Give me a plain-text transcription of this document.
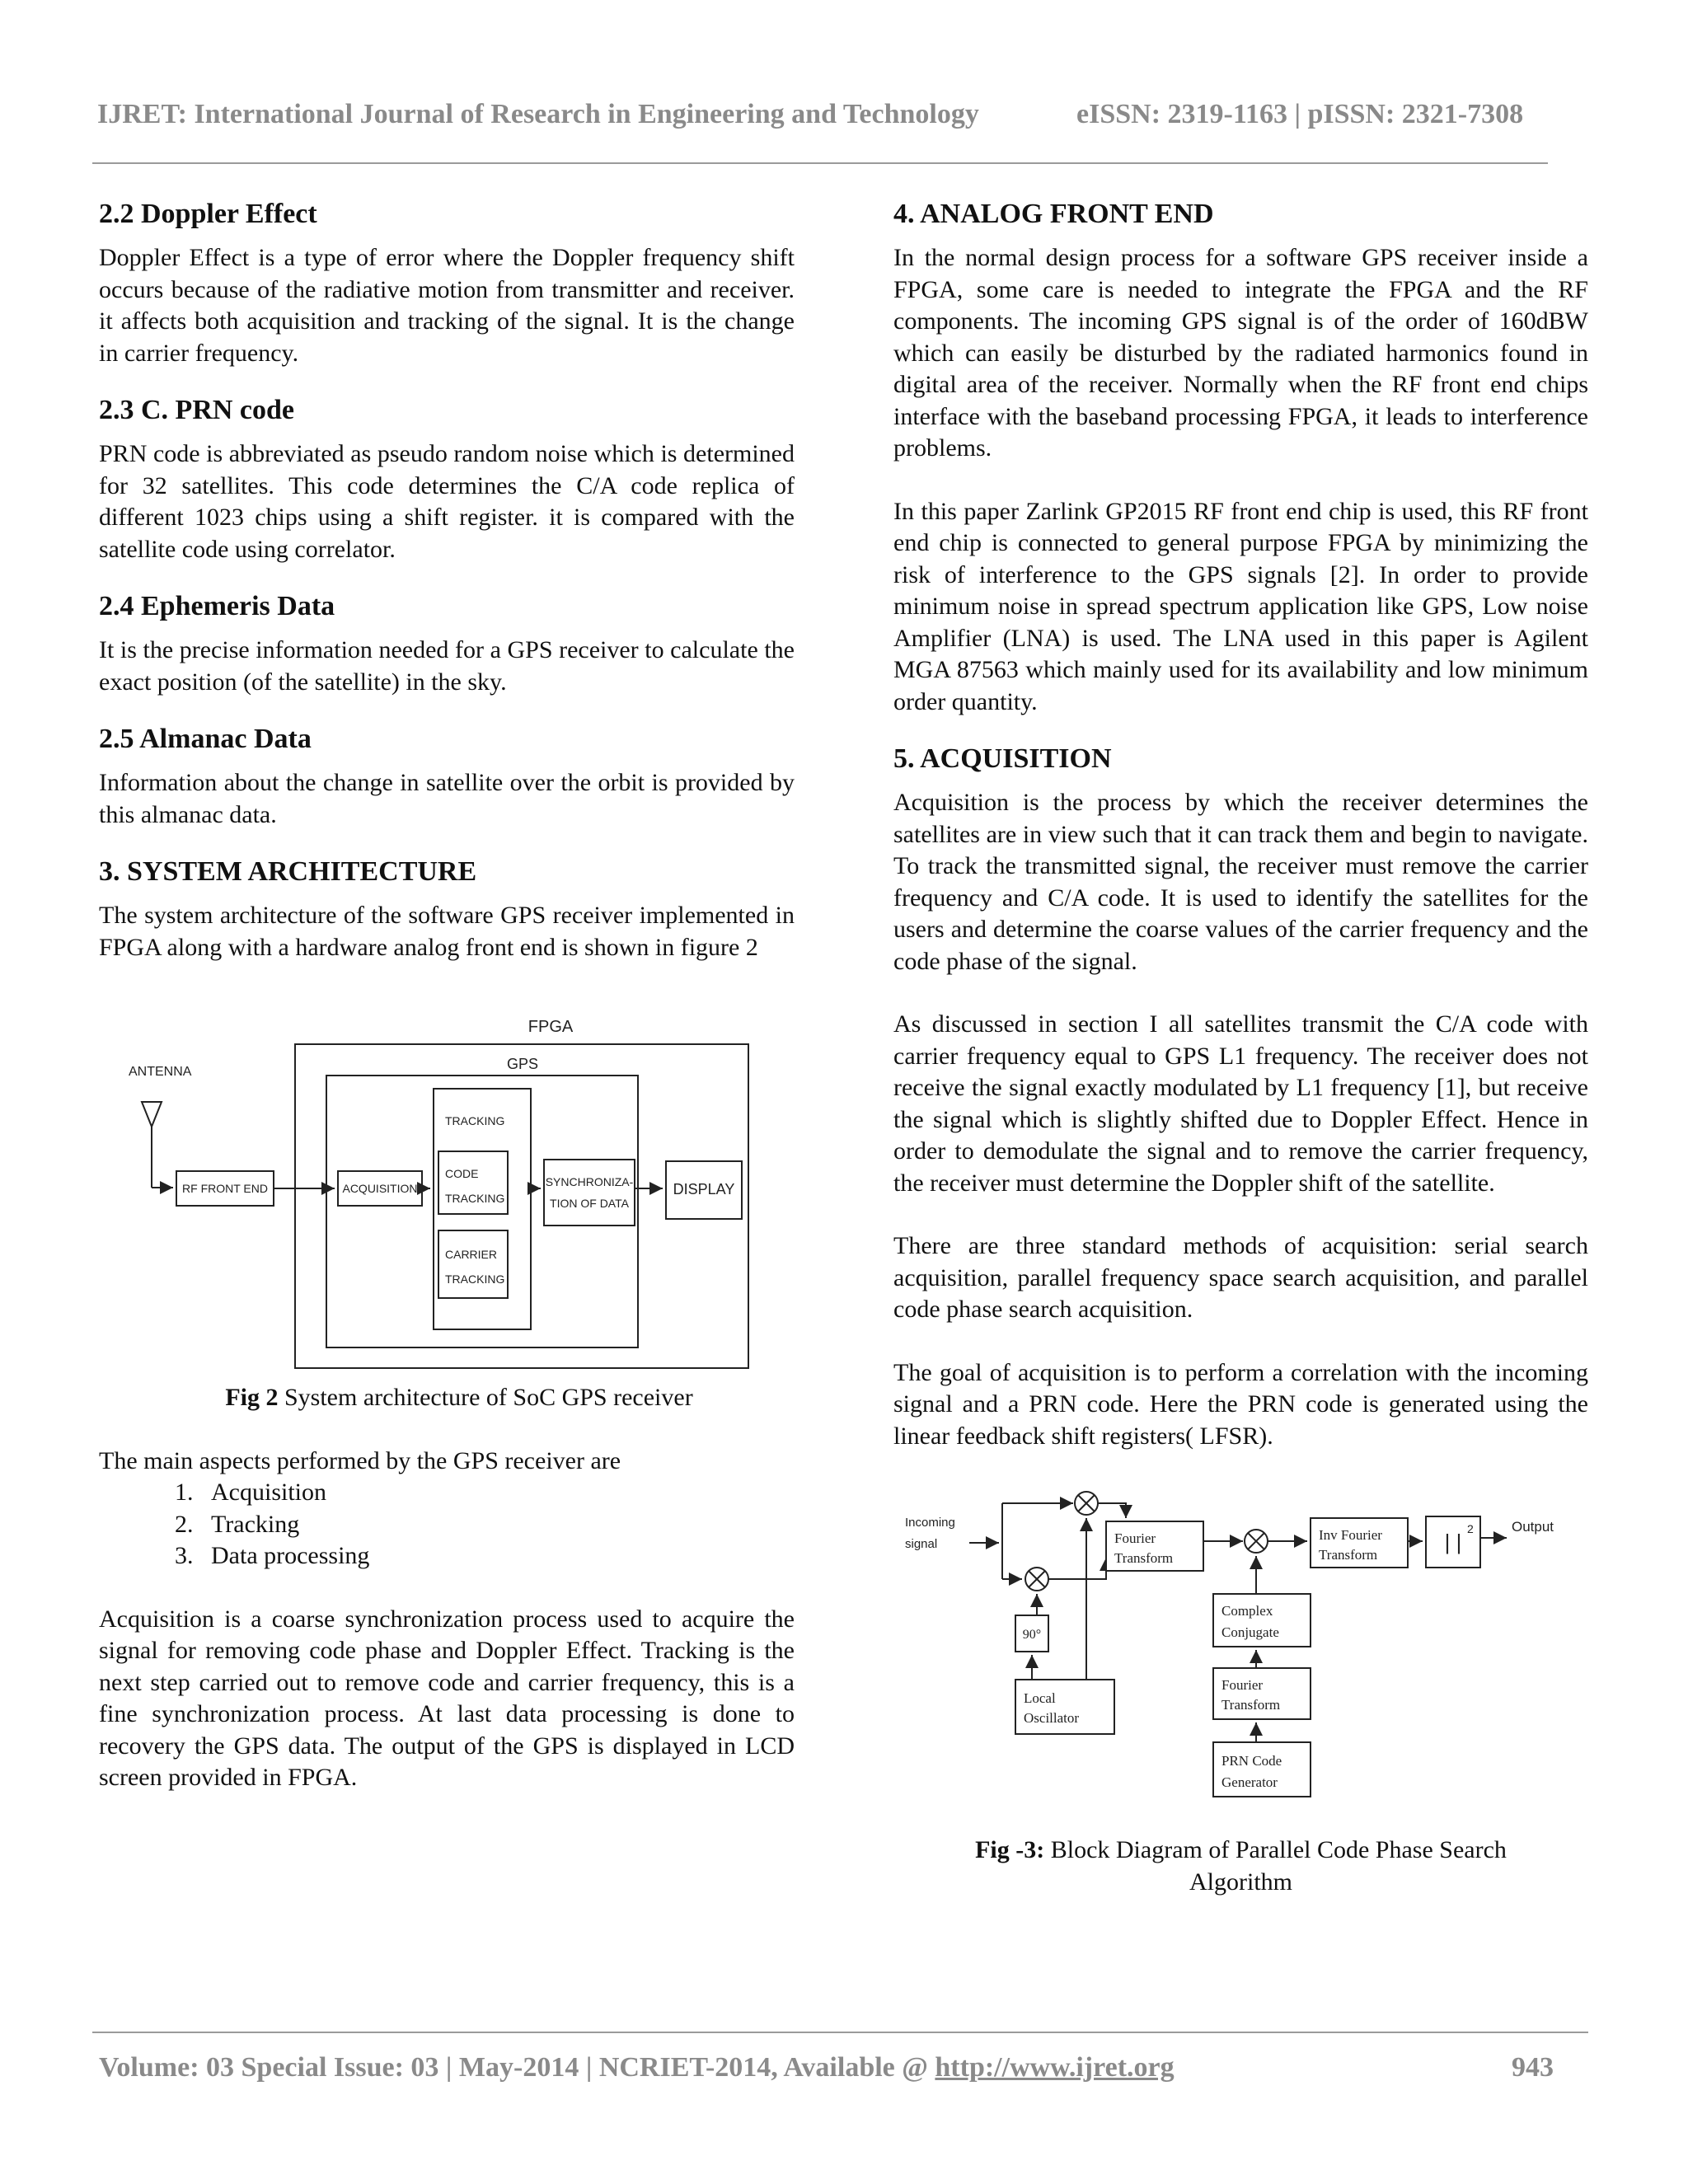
IJRET: International Journal of Research in Engineering and Technology	eISSN: 2319-1163 | pISSN: 2321-7308
2.2 Doppler Effect

Doppler Effect is a type of error where the Doppler frequency shift occurs because of the radiative motion from transmitter and receiver. it affects both acquisition and tracking of the signal. It is the change in carrier frequency.

2.3 C. PRN code

PRN code is abbreviated as pseudo random noise which is determined for 32 satellites. This code determines the C/A code replica of different 1023 chips using a shift register. it is compared with the satellite code using correlator.

2.4 Ephemeris Data

It is the precise information needed for a GPS receiver to calculate the exact position (of the satellite) in the sky.

2.5 Almanac Data

Information about the change in satellite over the orbit is provided by this almanac data.

3. SYSTEM ARCHITECTURE

The system architecture of the software GPS receiver implemented in FPGA along with a hardware analog front end is shown in figure 2

FPGA
GPS
ANTENNA
RF FRONT END	ACQUISITION
TRACKING
CODE
TRACKING
CARRIER
TRACKING
SYNCHRONIZA-
TION OF DATA
DISPLAY

Fig 2 System architecture of SoC GPS receiver

The main aspects performed by the GPS receiver are

1. Acquisition
2. Tracking
3. Data processing

Acquisition is a coarse synchronization process used to acquire the signal for removing code phase and Doppler Effect. Tracking is the next step carried out to remove code and carrier frequency, this is a fine synchronization process. At last data processing is done to recovery the GPS data. The output of the GPS is displayed in LCD screen provided in FPGA.

4. ANALOG FRONT END

In the normal design process for a software GPS receiver inside a FPGA, some care is needed to integrate the FPGA and the RF components. The incoming GPS signal is of the order of 160dBW which can easily be disturbed by the radiated harmonics found in digital area of the receiver. Normally when the RF front end chips interface with the baseband processing FPGA, it leads to interference problems.

In this paper Zarlink GP2015 RF front end chip is used, this RF front end chip is connected to general purpose FPGA by minimizing the risk of interference to the GPS signals [2]. In order to provide minimum noise in spread spectrum application like GPS, Low noise Amplifier (LNA) is used. The LNA used in this paper is Agilent MGA 87563 which mainly used for its availability and low minimum order quantity.

5. ACQUISITION

Acquisition is the process by which the receiver determines the satellites are in view such that it can track them and begin to navigate. To track the transmitted signal, the receiver must remove the carrier frequency and C/A code. It is used to identify the satellites for the users and determine the coarse values of the carrier frequency and the code phase of the signal.

As discussed in section I all satellites transmit the C/A code with carrier frequency equal to GPS L1 frequency. The receiver does not receive the signal exactly modulated by L1 frequency [1], but receive the signal which is slightly shifted due to Doppler Effect. Hence in order to demodulate the signal and to remove the carrier frequency, the receiver must determine the Doppler shift of the satellite.

There are three standard methods of acquisition: serial search acquisition, parallel frequency space search acquisition, and parallel code phase search acquisition.

The goal of acquisition is to perform a correlation with the incoming signal and a PRN code. Here the PRN code is generated using the linear feedback shift registers( LFSR).

Incoming
signal	Fourier
Transform
Inv Fourier
Transform
| |
2	Output
90°
Local
Oscillator
Complex
Conjugate
Fourier
Transform
PRN Code
Generator

Fig -3: Block Diagram of Parallel Code Phase Search
Algorithm

Volume: 03 Special Issue: 03 | May-2014 | NCRIET-2014, Available @ http://www.ijret.org	943
